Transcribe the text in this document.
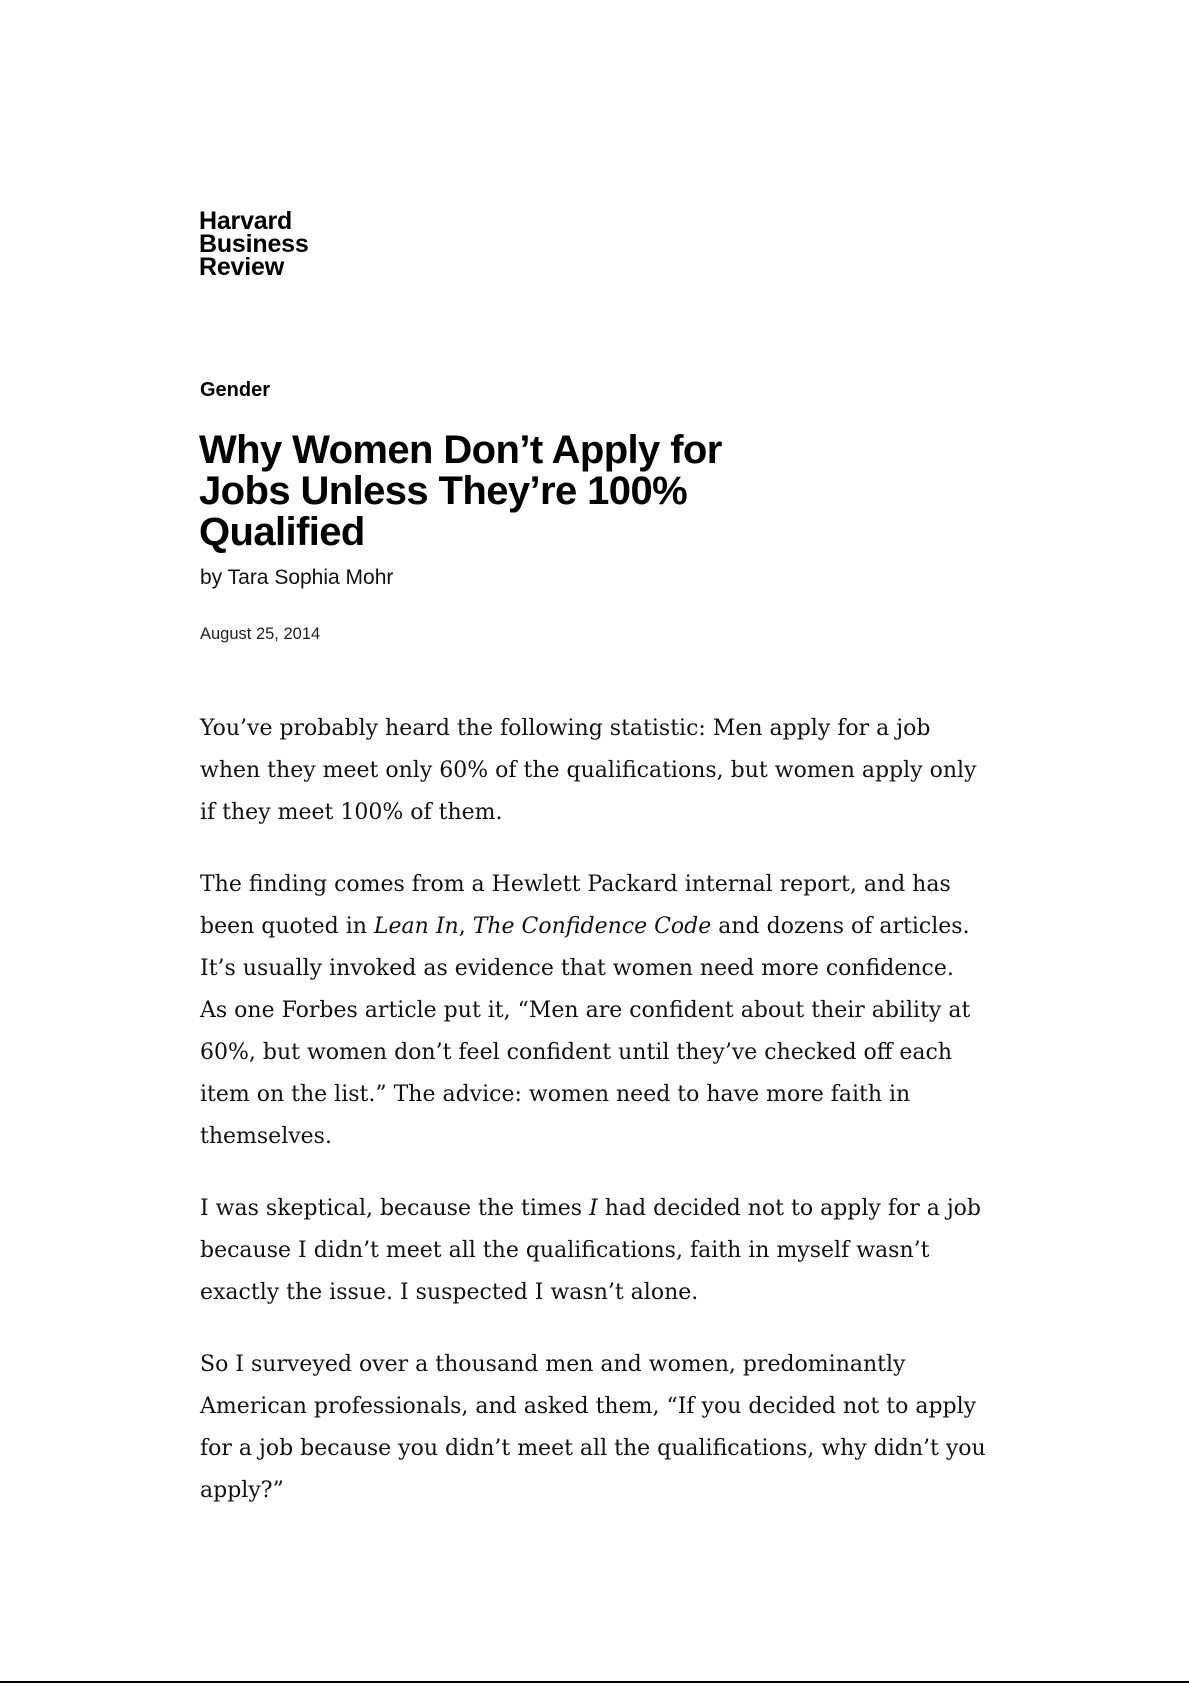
Harvard
Business
Review
Gender
Why Women Don’t Apply for
Jobs Unless They’re 100%
Qualified
by Tara Sophia Mohr
August 25, 2014

You’ve probably heard the following statistic: Men apply for a job
when they meet only 60% of the qualifications, but women apply only
if they meet 100% of them.

The finding comes from a Hewlett Packard internal report, and has
been quoted in Lean In, The Confidence Code and dozens of articles.
It’s usually invoked as evidence that women need more confidence.
As one Forbes article put it, “Men are confident about their ability at
60%, but women don’t feel confident until they’ve checked off each
item on the list.” The advice: women need to have more faith in
themselves.

I was skeptical, because the times I had decided not to apply for a job
because I didn’t meet all the qualifications, faith in myself wasn’t
exactly the issue. I suspected I wasn’t alone.

So I surveyed over a thousand men and women, predominantly
American professionals, and asked them, “If you decided not to apply
for a job because you didn’t meet all the qualifications, why didn’t you
apply?”
